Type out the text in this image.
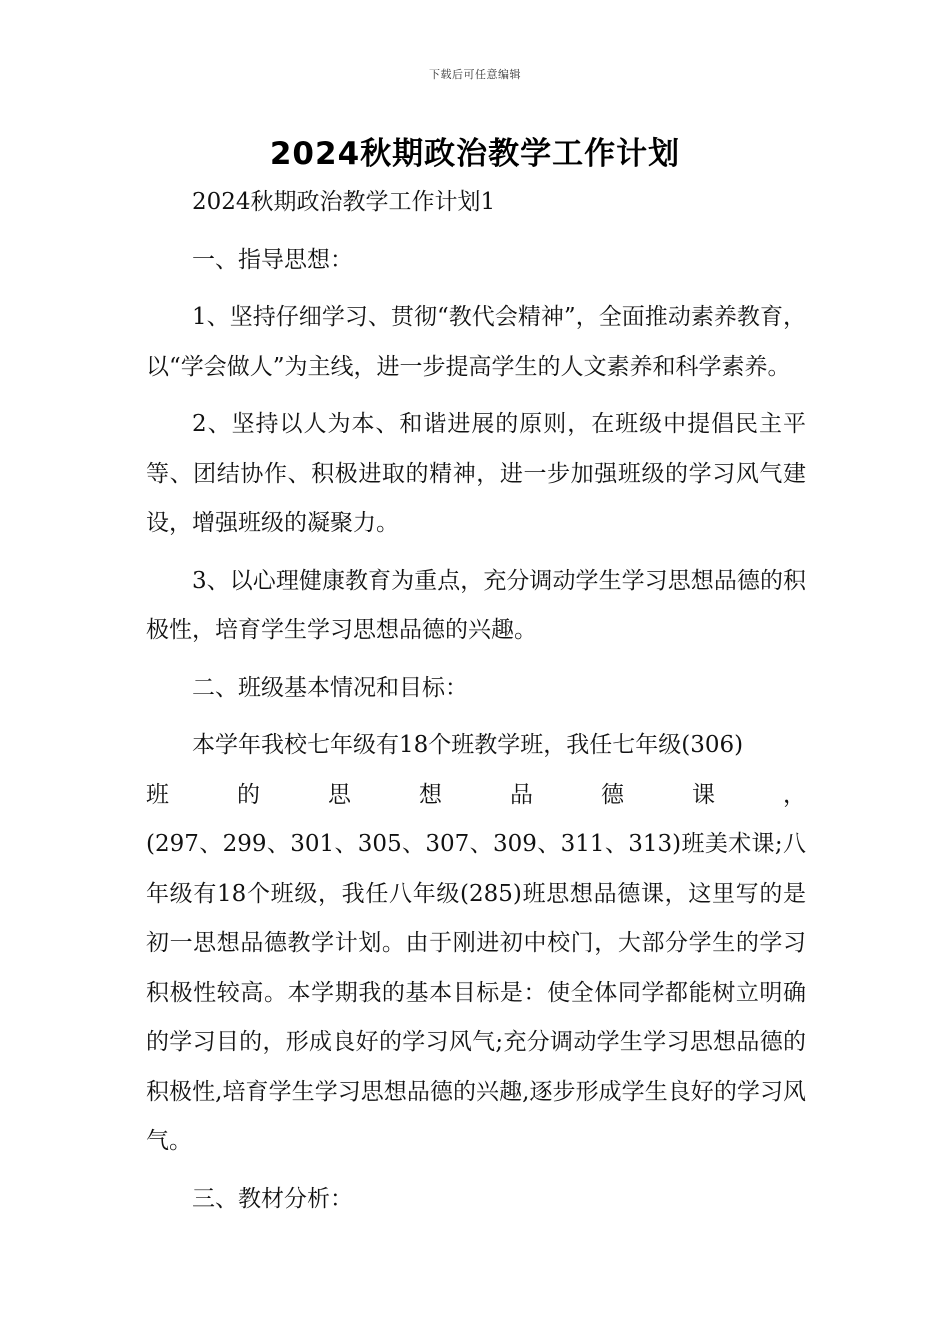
下载后可任意编辑
2024秋期政治教学工作计划

2024秋期政治教学工作计划1

一、指导思想：

1、坚持仔细学习、贯彻“教代会精神”，全面推动素养教育，以“学会做人”为主线，进一步提高学生的人文素养和科学素养。

2、坚持以人为本、和谐进展的原则，在班级中提倡民主平等、团结协作、积极进取的精神，进一步加强班级的学习风气建设，增强班级的凝聚力。

3、以心理健康教育为重点，充分调动学生学习思想品德的积极性，培育学生学习思想品德的兴趣。

二、班级基本情况和目标：

本学年我校七年级有18个班教学班，我任七年级(306)

班　的　思　想　品　德　课　，

(297、299、301、305、307、309、311、313)班美术课;八年级有18个班级，我任八年级(285)班思想品德课，这里写的是初一思想品德教学计划。由于刚进初中校门，大部分学生的学习积极性较高。本学期我的基本目标是：使全体同学都能树立明确的学习目的，形成良好的学习风气;充分调动学生学习思想品德的积极性,培育学生学习思想品德的兴趣,逐步形成学生良好的学习风气。

三、教材分析：
